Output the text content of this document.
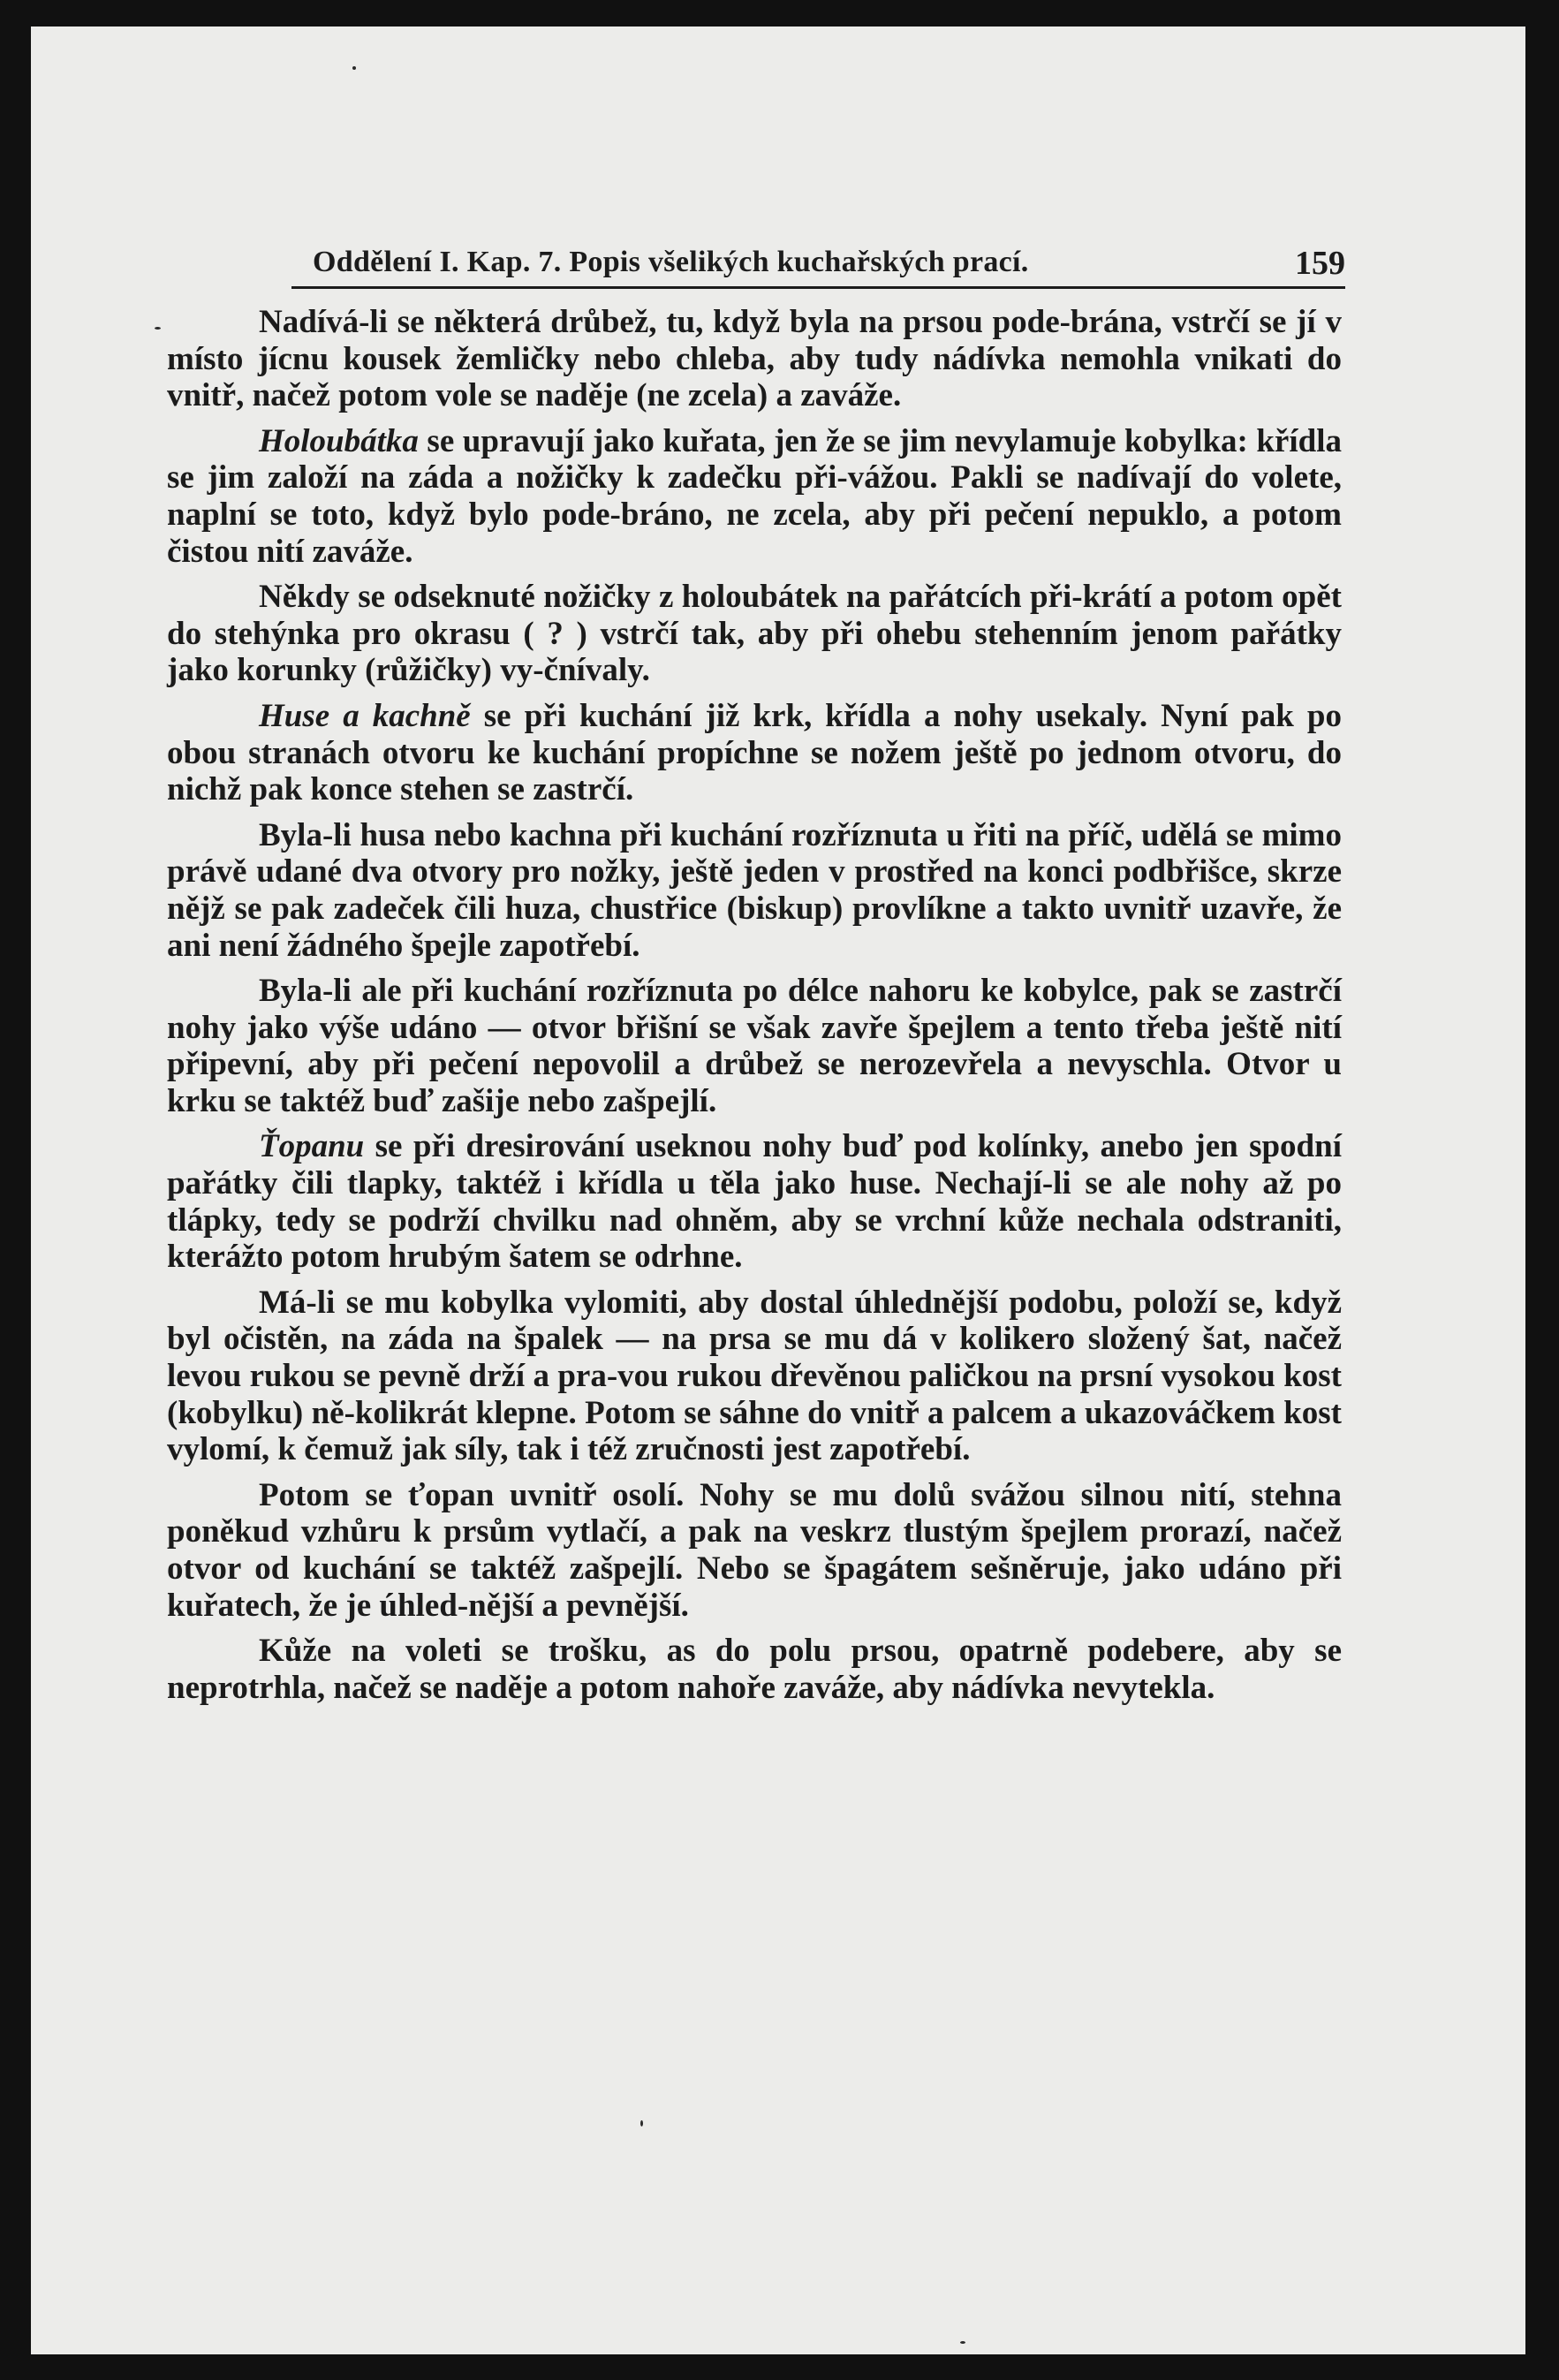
Oddělení I. Kap. 7. Popis všelikých kuchařských prací.	159

Nadívá-li se některá drůbež, tu, když byla na prsou pode-brána, vstrčí se jí v místo jícnu kousek žemličky nebo chleba, aby tudy nádívka nemohla vnikati do vnitř, načež potom vole se naděje (ne zcela) a zaváže.

Holoubátka se upravují jako kuřata, jen že se jim nevylamuje kobylka: křídla se jim založí na záda a nožičky k zadečku při-vážou. Pakli se nadívají do volete, naplní se toto, když bylo pode-bráno, ne zcela, aby při pečení nepuklo, a potom čistou nití zaváže.

Někdy se odseknuté nožičky z holoubátek na pařátcích při-krátí a potom opět do stehýnka pro okrasu ( ? ) vstrčí tak, aby při ohebu stehenním jenom pařátky jako korunky (růžičky) vy-čnívaly.

Huse a kachně se při kuchání již krk, křídla a nohy usekaly. Nyní pak po obou stranách otvoru ke kuchání propíchne se nožem ještě po jednom otvoru, do nichž pak konce stehen se zastrčí.

Byla-li husa nebo kachna při kuchání rozříznuta u řiti na příč, udělá se mimo právě udané dva otvory pro nožky, ještě jeden v prostřed na konci podbřišce, skrze nějž se pak zadeček čili huza, chustřice (biskup) provlíkne a takto uvnitř uzavře, že ani není žádného špejle zapotřebí.

Byla-li ale při kuchání rozříznuta po délce nahoru ke kobylce, pak se zastrčí nohy jako výše udáno — otvor břišní se však zavře špejlem a tento třeba ještě nití připevní, aby při pečení nepovolil a drůbež se nerozevřela a nevyschla. Otvor u krku se taktéž buď zašije nebo zašpejlí.

Ťopanu se při dresirování useknou nohy buď pod kolínky, anebo jen spodní pařátky čili tlapky, taktéž i křídla u těla jako huse. Nechají-li se ale nohy až po tlápky, tedy se podrží chvilku nad ohněm, aby se vrchní kůže nechala odstraniti, kterážto potom hrubým šatem se odrhne.

Má-li se mu kobylka vylomiti, aby dostal úhlednější podobu, položí se, když byl očistěn, na záda na špalek — na prsa se mu dá v kolikero složený šat, načež levou rukou se pevně drží a pra-vou rukou dřevěnou paličkou na prsní vysokou kost (kobylku) ně-kolikrát klepne. Potom se sáhne do vnitř a palcem a ukazováčkem kost vylomí, k čemuž jak síly, tak i též zručnosti jest zapotřebí.

Potom se ťopan uvnitř osolí. Nohy se mu dolů svážou silnou nití, stehna poněkud vzhůru k prsům vytlačí, a pak na veskrz tlustým špejlem prorazí, načež otvor od kuchání se taktéž zašpejlí. Nebo se špagátem sešněruje, jako udáno při kuřatech, že je úhled-nější a pevnější.

Kůže na voleti se trošku, as do polu prsou, opatrně podebere, aby se neprotrhla, načež se naděje a potom nahoře zaváže, aby nádívka nevytekla.
